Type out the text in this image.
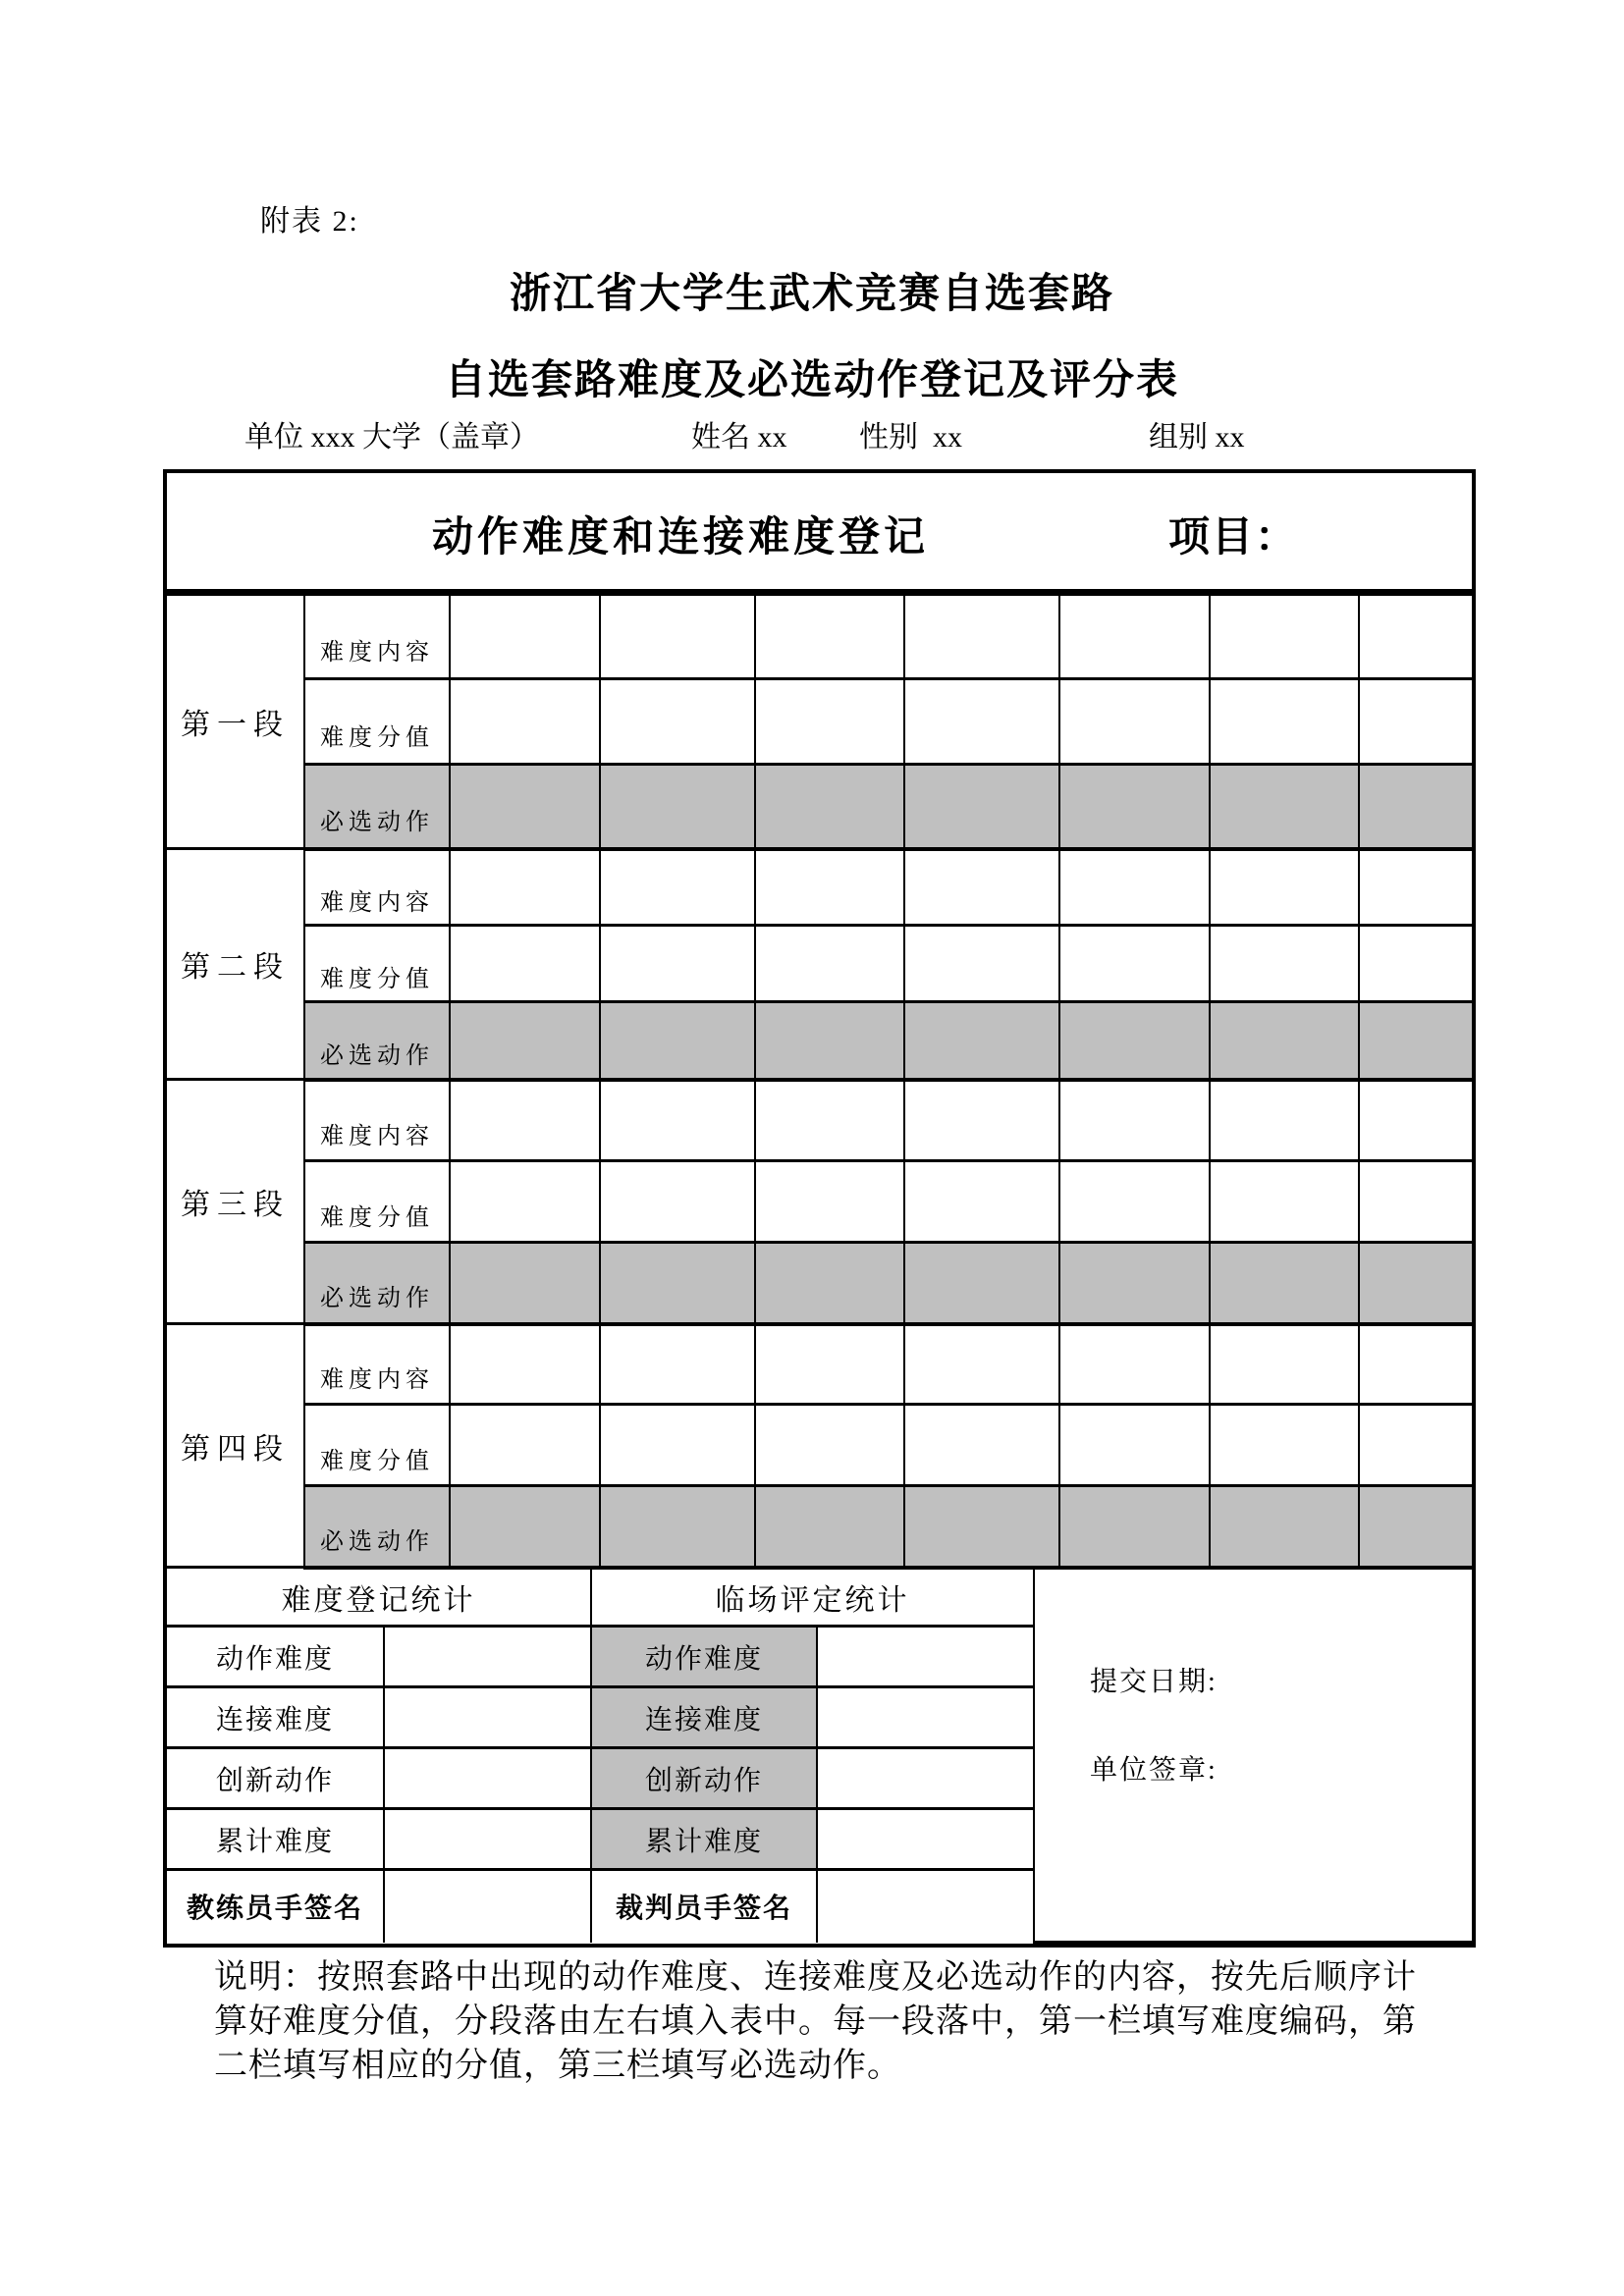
附表 2:
浙江省大学生武术竞赛自选套路
自选套路难度及必选动作登记及评分表
单位 xxx 大学（盖章）	姓名 xx 性别  xx	组别 xx
动作难度和连接难度登记	项目：
第一段	难度内容							
	难度分值							
	必选动作							
第二段	难度内容							
	难度分值							
	必选动作							
第三段	难度内容							
	难度分值							
	必选动作							
第四段	难度内容							
	难度分值							
	必选动作							
难度登记统计		临场评定统计		提交日期:
单位签章:

动作难度		动作难度		
连接难度		连接难度		
创新动作		创新动作		
累计难度		累计难度		
教练员手签名		裁判员手签名		
说明：按照套路中出现的动作难度、连接难度及必选动作的内容，按先后顺序计
算好难度分值，分段落由左右填入表中。每一段落中，第一栏填写难度编码，第
二栏填写相应的分值，第三栏填写必选动作。
